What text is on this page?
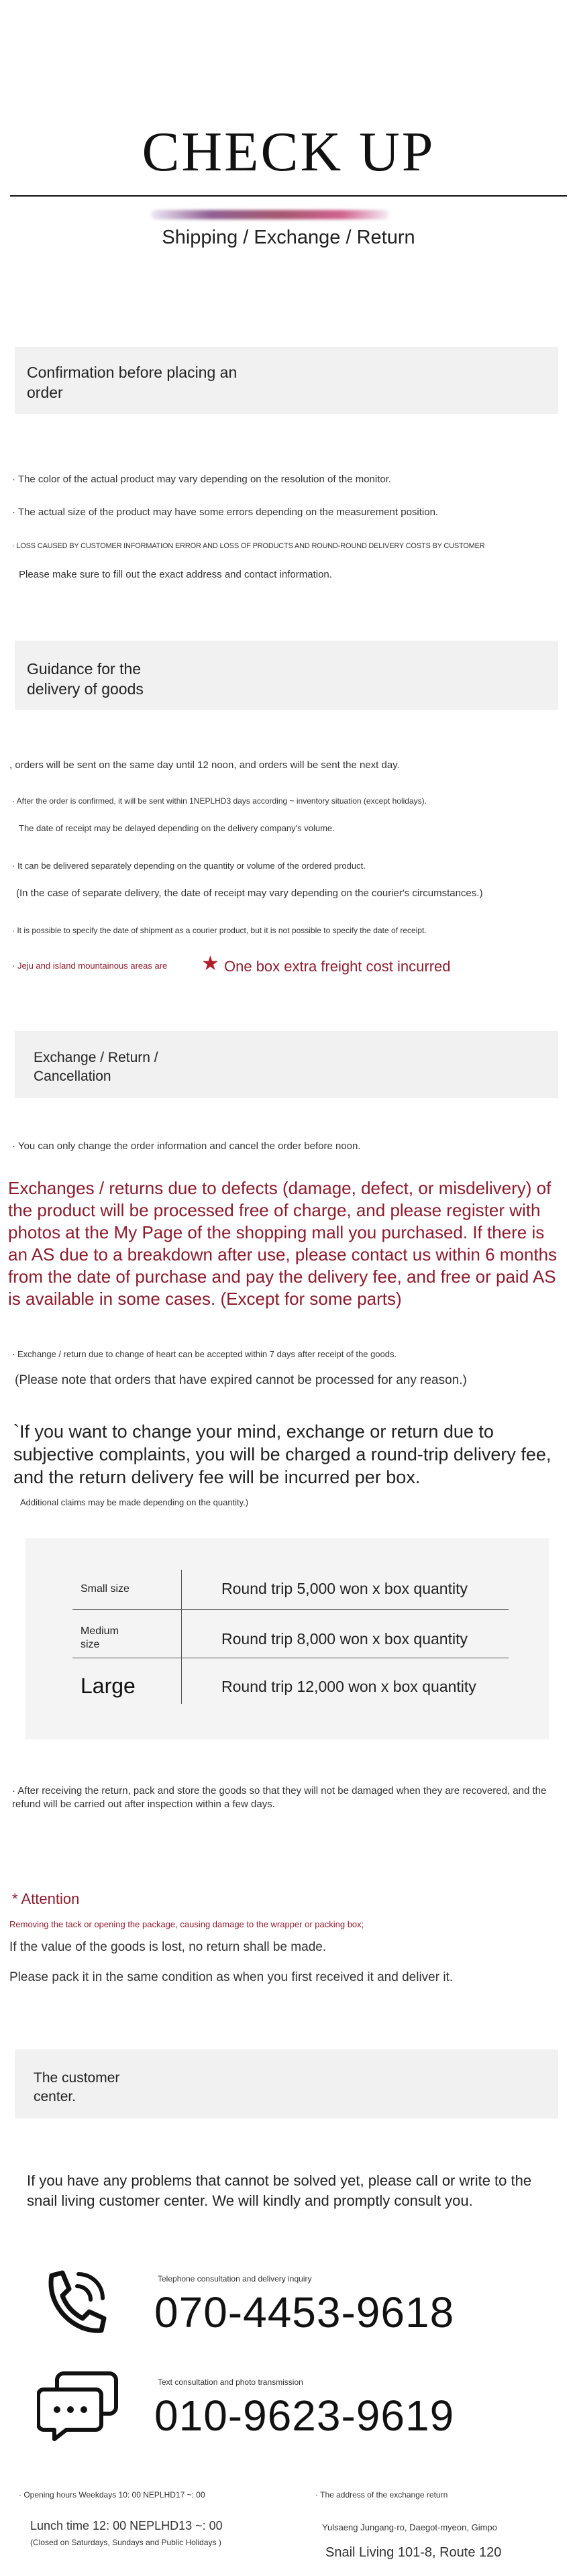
CHECK UP
Shipping / Exchange / Return
Confirmation before placing an order
· The color of the actual product may vary depending on the resolution of the monitor.
· The actual size of the product may have some errors depending on the measurement position.
· LOSS CAUSED BY CUSTOMER INFORMATION ERROR AND LOSS OF PRODUCTS AND ROUND-ROUND DELIVERY COSTS BY CUSTOMER
Please make sure to fill out the exact address and contact information.
Guidance for the delivery of goods
, orders will be sent on the same day until 12 noon, and orders will be sent the next day.
· After the order is confirmed, it will be sent within 1NEPLHD3 days according ~ inventory situation (except holidays).
The date of receipt may be delayed depending on the delivery company's volume.
· It can be delivered separately depending on the quantity or volume of the ordered product.
(In the case of separate delivery, the date of receipt may vary depending on the courier's circumstances.)
· It is possible to specify the date of shipment as a courier product, but it is not possible to specify the date of receipt.
· Jeju and island mountainous areas are	★ One box extra freight cost incurred
Exchange / Return / Cancellation
· You can only change the order information and cancel the order before noon.
Exchanges / returns due to defects (damage, defect, or misdelivery) of the product will be processed free of charge, and please register with photos at the My Page of the shopping mall you purchased. If there is an AS due to a breakdown after use, please contact us within 6 months from the date of purchase and pay the delivery fee, and free or paid AS is available in some cases. (Except for some parts)
· Exchange / return due to change of heart can be accepted within 7 days after receipt of the goods.
(Please note that orders that have expired cannot be processed for any reason.)
`If you want to change your mind, exchange or return due to subjective complaints, you will be charged a round-trip delivery fee, and the return delivery fee will be incurred per box.
Additional claims may be made depending on the quantity.)
Small size	Round trip 5,000 won x box quantity
Medium size	Round trip 8,000 won x box quantity
Large	Round trip 12,000 won x box quantity
· After receiving the return, pack and store the goods so that they will not be damaged when they are recovered, and the refund will be carried out after inspection within a few days.
* Attention
Removing the tack or opening the package, causing damage to the wrapper or packing box;
If the value of the goods is lost, no return shall be made.
Please pack it in the same condition as when you first received it and deliver it.
The customer center.
If you have any problems that cannot be solved yet, please call or write to the snail living customer center. We will kindly and promptly consult you.
Telephone consultation and delivery inquiry
070-4453-9618
Text consultation and photo transmission
010-9623-9619
· Opening hours Weekdays 10: 00 NEPLHD17 ~: 00
Lunch time 12: 00 NEPLHD13 ~: 00
(Closed on Saturdays, Sundays and Public Holidays )
· The address of the exchange return
Yulsaeng Jungang-ro, Daegot-myeon, Gimpo
Snail Living 101-8, Route 120
